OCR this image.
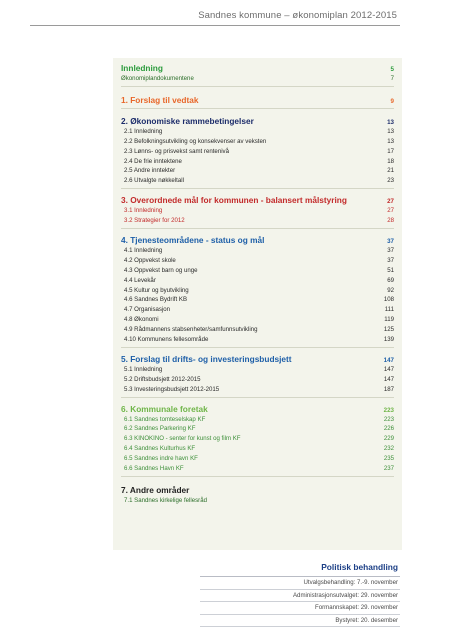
Sandnes kommune – økonomiplan 2012-2015
Innledning	5
Økonomiplandokumentene	7
1. Forslag til vedtak	9
2. Økonomiske rammebetingelser	13
2.1 Innledning	13
2.2 Befolkningsutvikling og konsekvenser av veksten	13
2.3 Lønns- og prisvekst samt rentenivå	17
2.4 De frie inntektene	18
2.5 Andre inntekter	21
2.6 Utvalgte nøkkeltall	23
3. Overordnede mål for kommunen - balansert målstyring	27
3.1 Innledning	27
3.2 Strategier for 2012	28
4. Tjenesteområdene - status og mål	37
4.1 Innledning	37
4.2 Oppvekst skole	37
4.3 Oppvekst barn og unge	51
4.4 Levekår	69
4.5 Kultur og byutvikling	92
4.6 Sandnes Bydrift KB	108
4.7 Organisasjon	111
4.8 Økonomi	119
4.9 Rådmannens stabsenheter/samfunnsutvikling	125
4.10 Kommunens fellesområde	139
5. Forslag til drifts- og investeringsbudsjett	147
5.1 Innledning	147
5.2 Driftsbudsjett 2012-2015	147
5.3 Investeringsbudsjett 2012-2015	187
6. Kommunale foretak	223
6.1 Sandnes tomteselskap KF	223
6.2 Sandnes Parkering KF	226
6.3 KINOKINO - senter for kunst og film KF	229
6.4 Sandnes Kulturhus KF	232
6.5 Sandnes indre havn KF	235
6.6 Sandnes Havn KF	237
7. Andre områder
7.1 Sandnes kirkelige fellesråd
Politisk behandling
Utvalgsbehandling: 7.-9. november
Administrasjonsutvalget: 29. november
Formannskapet: 29. november
Bystyret: 20. desember
